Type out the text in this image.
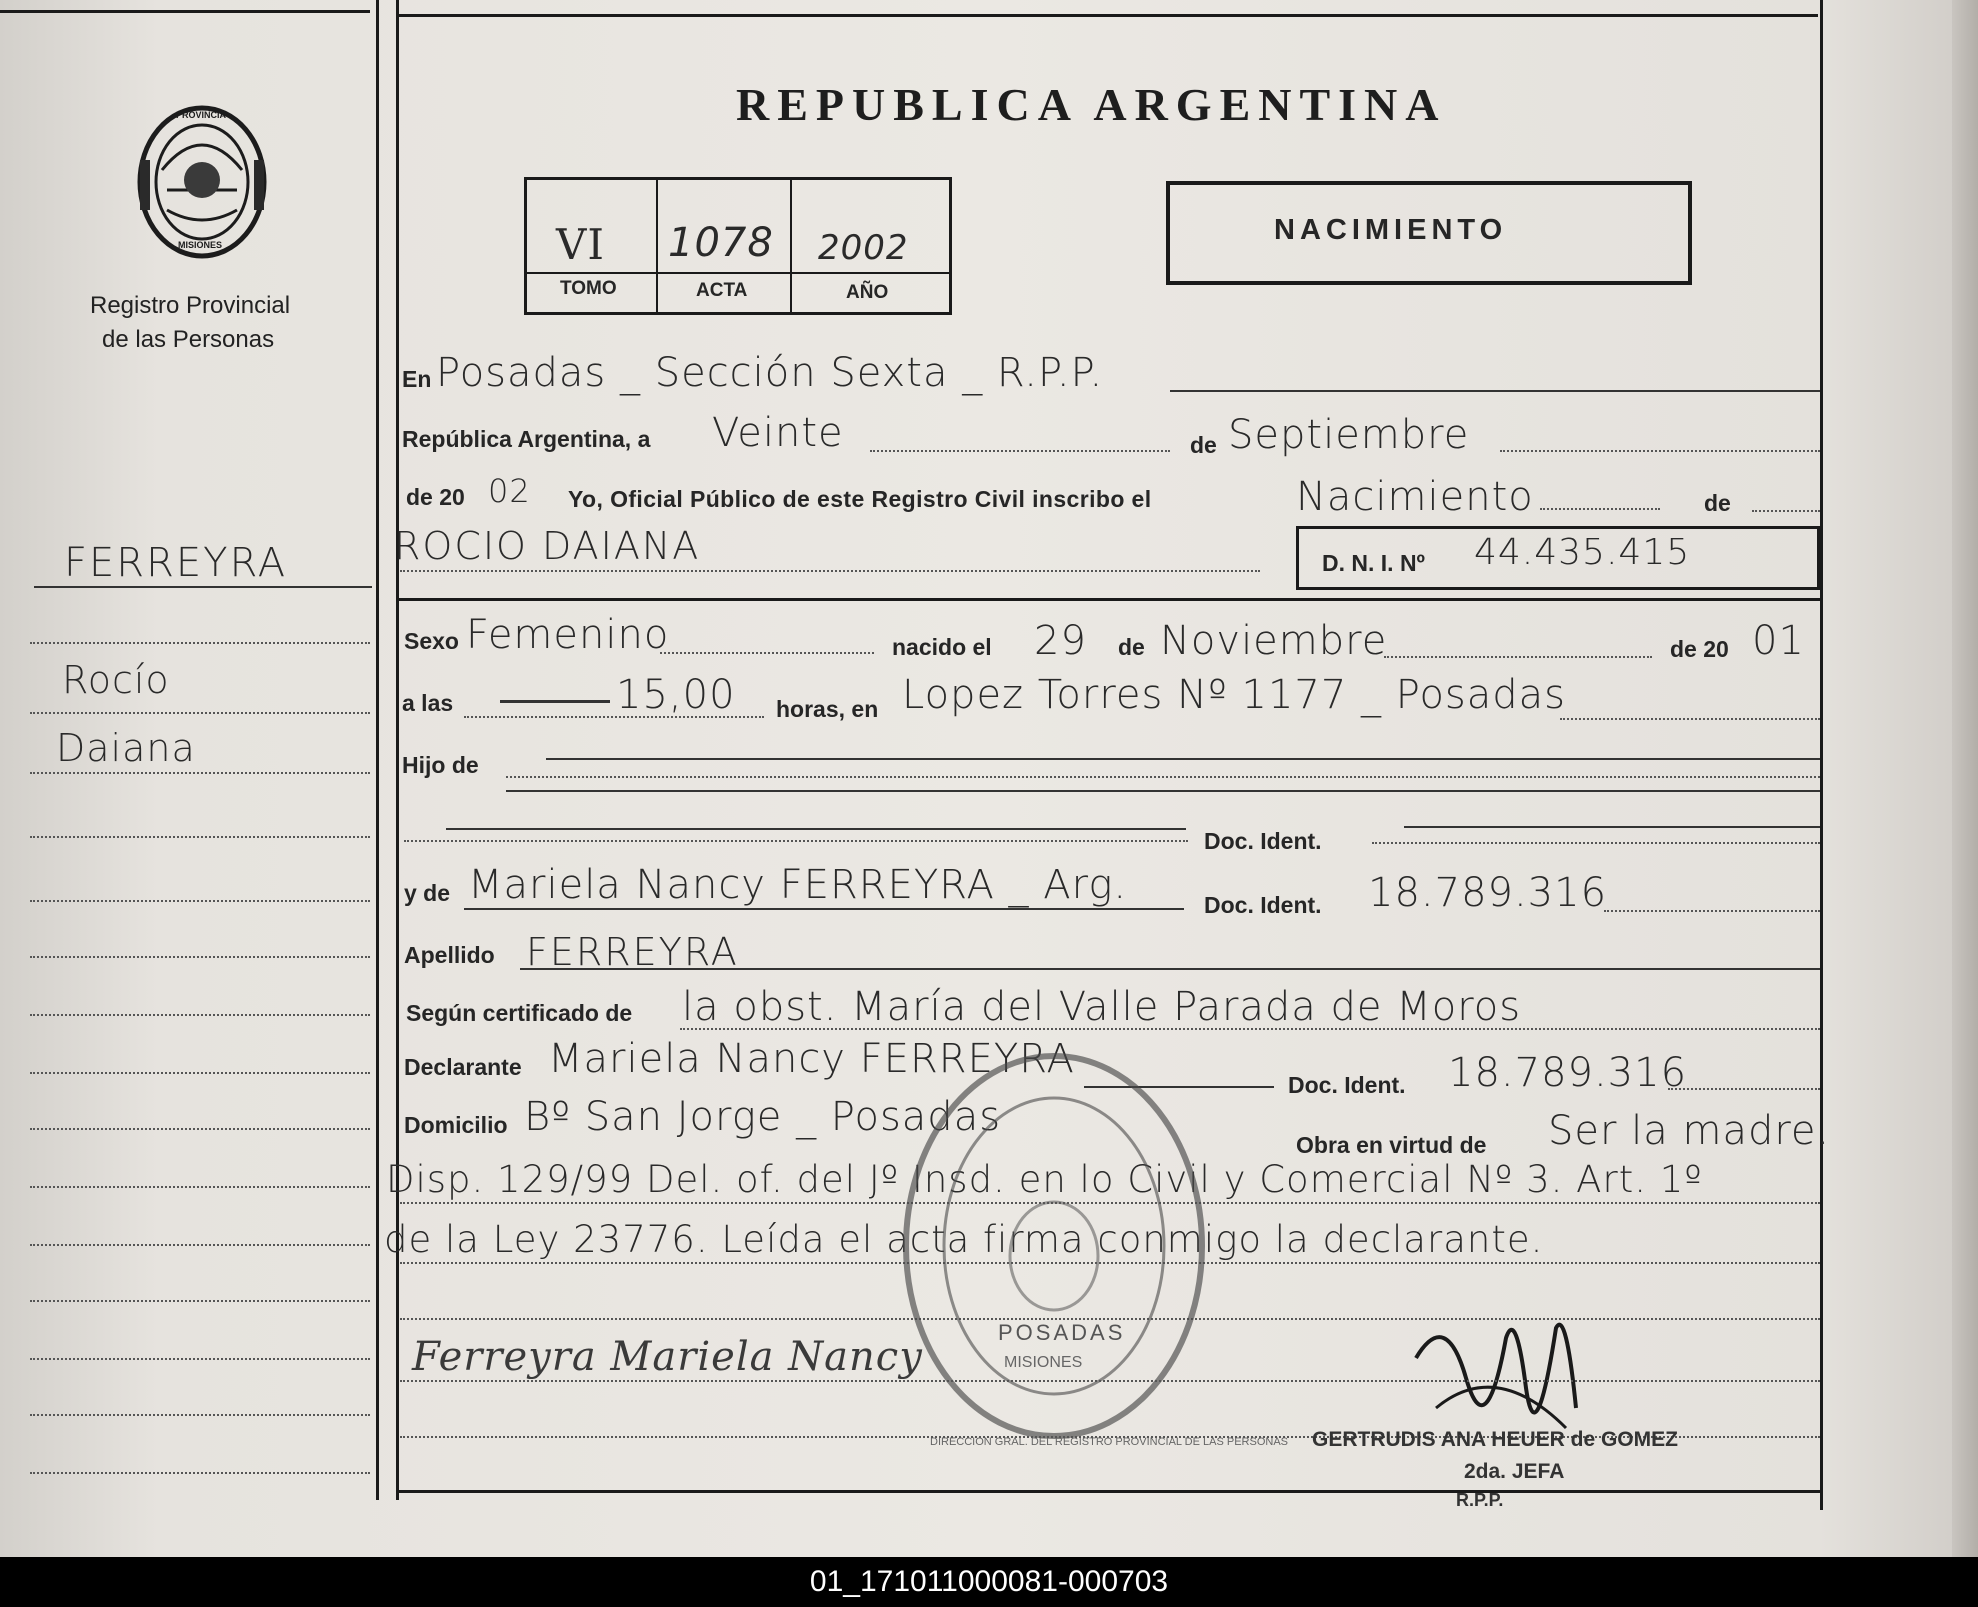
PROVINCIA
MISIONES
Registro Provincial
de las Personas
REPUBLICA ARGENTINA
VI 1078 2002
TOMO	ACTA	AÑO
NACIMIENTO
FERREYRA
Rocío
Daiana
En Posadas _ Sección Sexta _ R.P.P.
República Argentina, a Veinte	de Septiembre
de 20 02 Yo, Oficial Público de este Registro Civil inscribo el	Nacimiento	de
ROCIO DAIANA	D. N. I. Nº 44.435.415
Sexo Femenino	nacido el 29 de Noviembre	de 20 01
a las	15,00 horas, en Lopez Torres Nº 1177 _ Posadas
Hijo de
Doc. Ident.
y de Mariela Nancy FERREYRA _ Arg.	Doc. Ident. 18.789.316
Apellido FERREYRA
Según certificado de la obst. María del Valle Parada de Moros
Declarante Mariela Nancy FERREYRA
Doc. Ident. 18.789.316
Domicilio Bº San Jorge _ Posadas
Obra en virtud de Ser la madre.
Disp. 129/99 Del. of. del Jº Insd. en lo Civil y Comercial Nº 3. Art. 1º
de la Ley 23776. Leída el acta firma conmigo la declarante.
POSADAS
MISIONES
DIRECCION GRAL. DEL REGISTRO PROVINCIAL DE LAS PERSONAS
Ferreyra Mariela Nancy
GERTRUDIS ANA HEUER de GOMEZ
2da. JEFA
R.P.P.
01_171011000081-000703
